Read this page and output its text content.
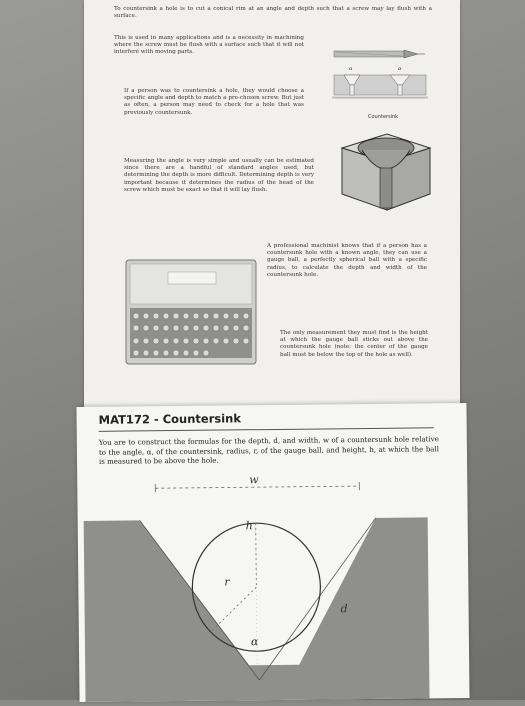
To countersink a hole is to cut a conical rim at an angle and depth such that a screw may lay flush with a surface.

This is used in many applications and is a necessity in machining where the screw must be flush with a surface such that it will not interfere with moving parts.

α	α
Countersink

If a person was to countersink a hole, they would choose a specific angle and depth to match a pre-chosen screw. But just as often, a person may need to check for a hole that was previously countersunk.

Measuring the angle is very simple and usually can be estimated since there are a handful of standard angles used, but determining the depth is more difficult. Determining depth is very important because it determines the radius of the head of the screw which must be exact so that it will lay flush.

A professional machinist knows that if a person has a countersunk hole with a known angle, they can use a gauge ball, a perfectly spherical ball with a specific radius, to calculate the depth and width of the countersunk hole.

The only measurement they must find is the height at which the gauge ball sticks out above the countersunk hole (note: the center of the gauge ball must be below the top of the hole as well).

MAT172 - Countersink

You are to construct the formulas for the depth, d, and width, w of a countersunk hole relative to the angle, α, of the countersink, radius, r, of the gauge ball, and height, h, at which the ball is measured to be above the hole.

w
h
r
d
α
